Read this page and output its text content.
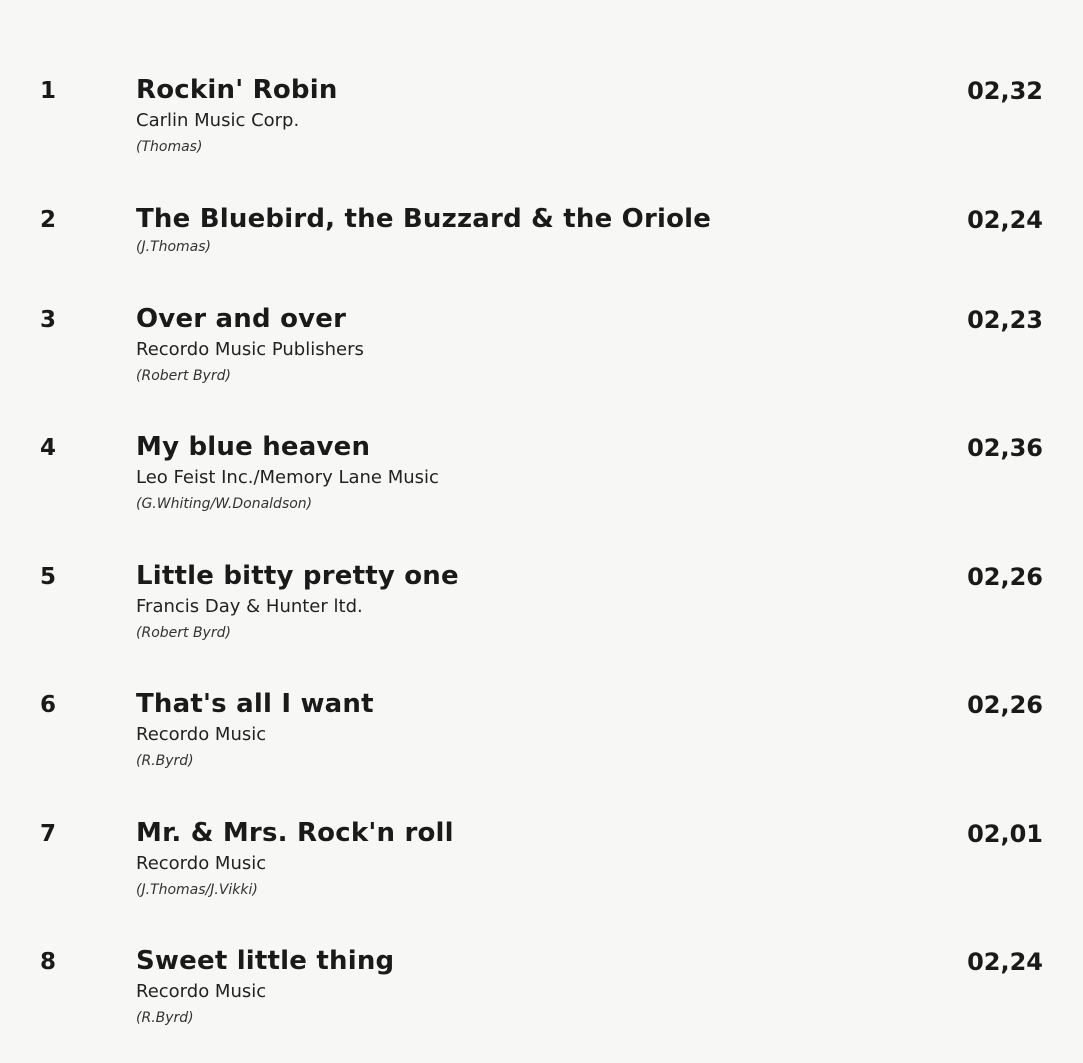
1	Rockin' Robin	02,32
Carlin Music Corp.
(Thomas)
2	The Bluebird, the Buzzard & the Oriole	02,24
(J.Thomas)
3	Over and over	02,23
Recordo Music Publishers
(Robert Byrd)
4	My blue heaven	02,36
Leo Feist Inc./Memory Lane Music
(G.Whiting/W.Donaldson)
5	Little bitty pretty one	02,26
Francis Day & Hunter ltd.
(Robert Byrd)
6	That's all I want	02,26
Recordo Music
(R.Byrd)
7	Mr. & Mrs. Rock'n roll	02,01
Recordo Music
(J.Thomas/J.Vikki)
8	Sweet little thing	02,24
Recordo Music
(R.Byrd)
